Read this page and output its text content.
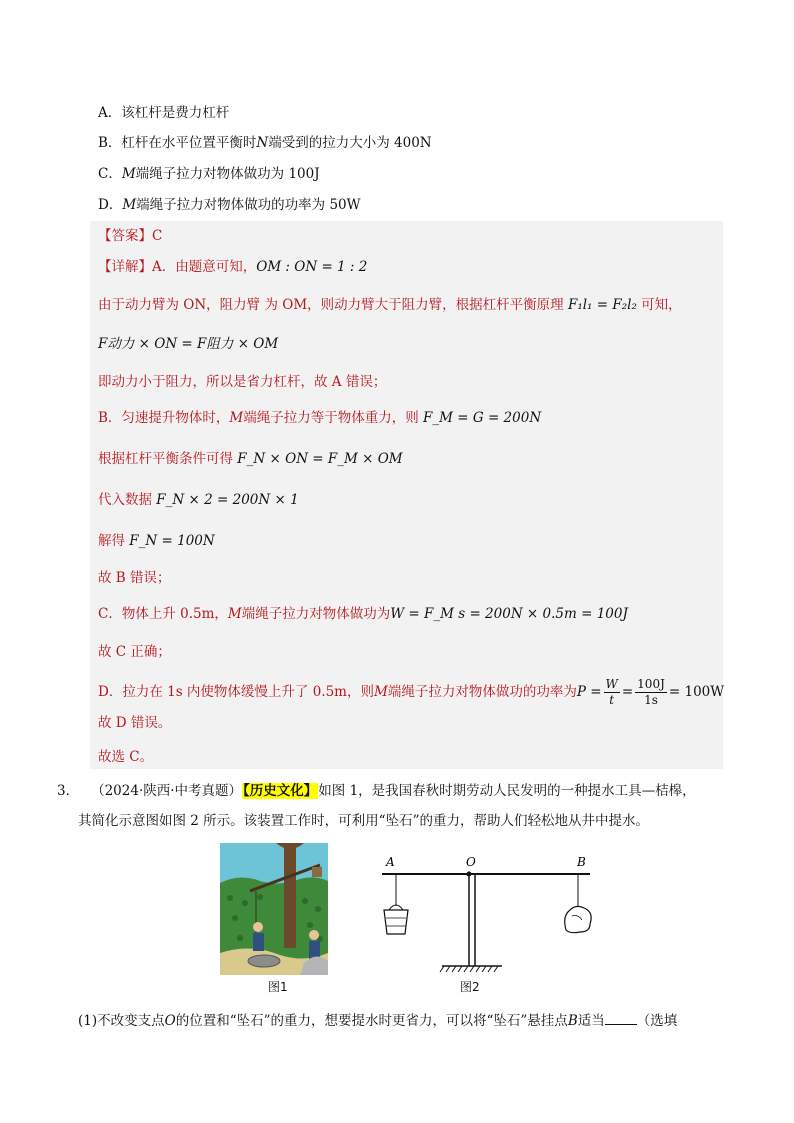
A．该杠杆是费力杠杆
B．杠杆在水平位置平衡时N端受到的拉力大小为 400N
C．M端绳子拉力对物体做功为 100J
D．M端绳子拉力对物体做功的功率为 50W
【答案】C
【详解】A．由题意可知，OM : ON = 1 : 2
由于动力臂为 ON，阻力臂 为 OM，则动力臂大于阻力臂，根据杠杆平衡原理 F₁l₁ = F₂l₂ 可知，
F动力 × ON = F阻力 × OM
即动力小于阻力，所以是省力杠杆，故 A 错误；
B．匀速提升物体时，M端绳子拉力等于物体重力，则 F_M = G = 200N
根据杠杆平衡条件可得 F_N × ON = F_M × OM
代入数据 F_N × 2 = 200N × 1
解得 F_N = 100N
故 B 错误；
C．物体上升 0.5m，M端绳子拉力对物体做功为W = F_M s = 200N × 0.5m = 100J
故 C 正确；
D．拉力在 1s 内使物体缓慢上升了 0.5m，则M端绳子拉力对物体做功的功率为$P = \frac{W}{t} = \frac{100J}{1s} = 100W$
故 D 错误。
故选 C。
3． （2024·陕西·中考真题）【历史文化】如图 1，是我国春秋时期劳动人民发明的一种提水工具—桔槔，
其简化示意图如图 2 所示。该装置工作时，可利用“坠石”的重力，帮助人们轻松地从井中提水。
图1
A	O	B
图2
(1)不改变支点O的位置和“坠石”的重力，想要提水时更省力，可以将“坠石”悬挂点B适当 （选填
